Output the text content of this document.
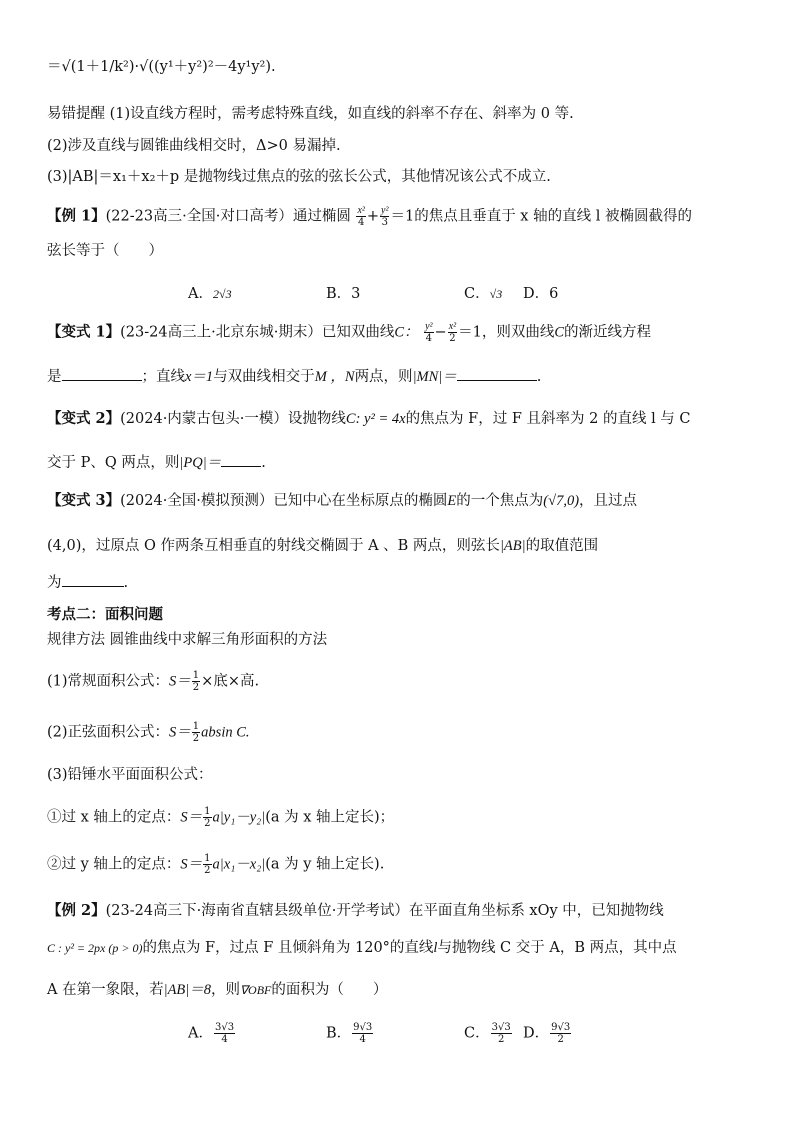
＝√(1＋1/k²)·√((y¹＋y²)²－4y¹y²).
易错提醒 (1)设直线方程时，需考虑特殊直线，如直线的斜率不存在、斜率为 0 等.
(2)涉及直线与圆锥曲线相交时，Δ>0 易漏掉.
(3)|AB|＝x₁＋x₂＋p 是抛物线过焦点的弦的弦长公式，其他情况该公式不成立.
【例 1】(22-23高三·全国·对口高考）通过椭圆 $\frac{\text{x²}}{4} + \frac{\text{y²}}{3} =1$的焦点且垂直于 x 轴的直线 l 被椭圆截得的
弦长等于（　　）
A．2√3	B．3	C．√3 D．6
【变式 1】(23-24高三上·北京东城·期末）已知双曲线C： $\frac{\text{y²}}{4} - \frac{\text{x²}}{2} =1$，则双曲线C的渐近线方程
是	；直线x＝1与双曲线相交于M ，N两点，则|MN|＝	.
【变式 2】(2024·内蒙古包头·一模）设抛物线C: y² = 4x的焦点为 F，过 F 且斜率为 2 的直线 l 与 C
交于 P、Q 两点，则|PQ|＝	.
【变式 3】(2024·全国·模拟预测）已知中心在坐标原点的椭圆E的一个焦点为(√7,0)，且过点
(4,0)，过原点 O 作两条互相垂直的射线交椭圆于 A 、B 两点，则弦长|AB|的取值范围
为	.
考点二：面积问题
规律方法 圆锥曲线中求解三角形面积的方法
(1)常规面积公式：$S= \frac{1}{2}$ ×底×高.
(2)正弦面积公式：$S= \frac{1}{2}$ absin C.
(3)铅锤水平面面积公式：
①过 x 轴上的定点：$S= \frac{1}{2} a|y_1-y_2|(a$ 为 x 轴上定长)；
②过 y 轴上的定点：$S= \frac{1}{2} a|x_1-x_2|(a$ 为 y 轴上定长).
【例 2】(23-24高三下·海南省直辖县级单位·开学考试）在平面直角坐标系 xOy 中，已知抛物线
C : y² = 2px (p > 0)的焦点为 F，过点 F 且倾斜角为 120°的直线l与抛物线 C 交于 A，B 两点，其中点
A 在第一象限，若|AB|＝8，则∇OBF的面积为（　　）
A． $\frac{3√3}{4}$	B． $\frac{9√3}{4}$	C． $\frac{3√3}{2}$ D． $\frac{9√3}{2}$
